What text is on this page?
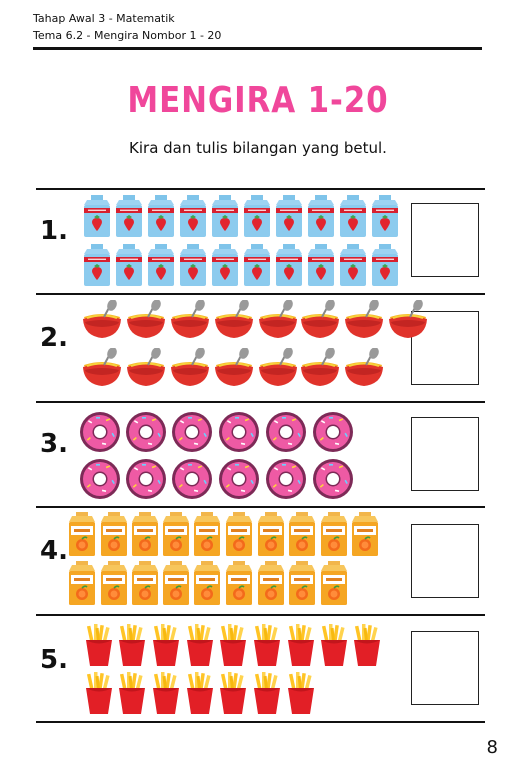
Tahap Awal 3 - Matematik
Tema 6.2 - Mengira Nombor 1 - 20
MENGIRA 1-20
Kira dan tulis bilangan yang betul.
1.
2.
3.
4.
5.
8
